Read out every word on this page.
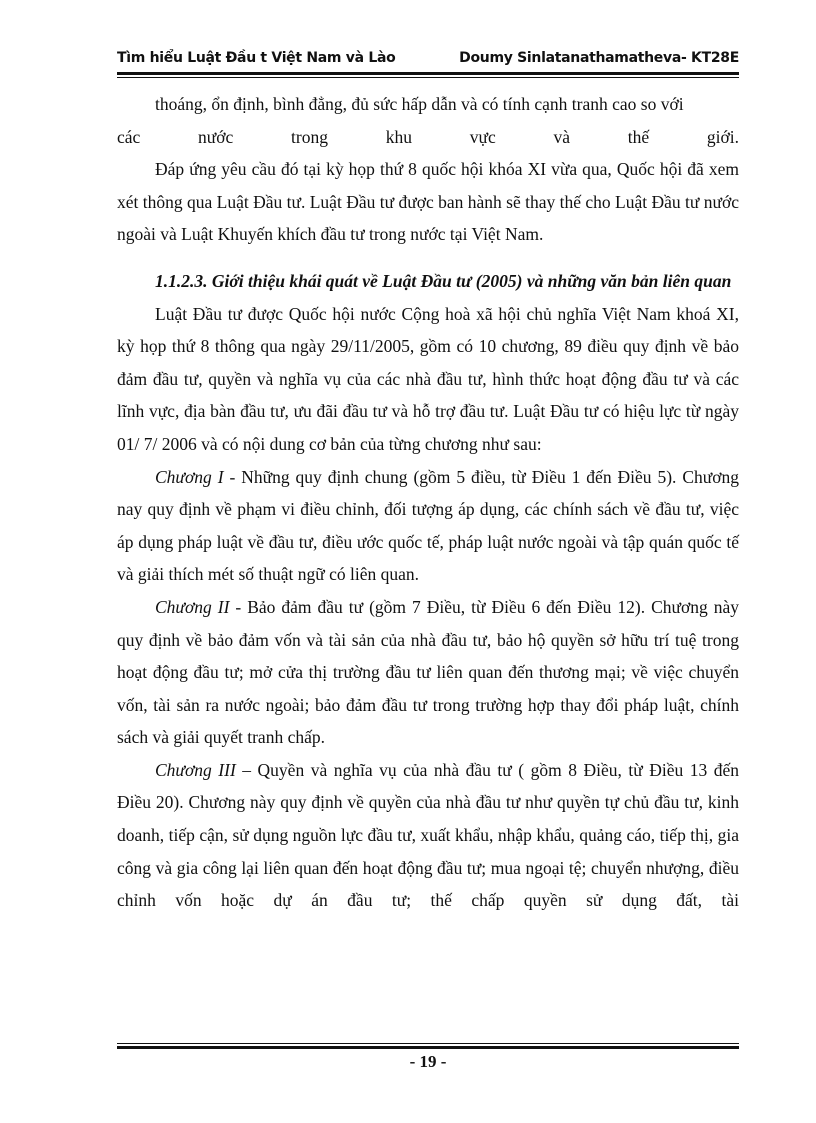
Tìm hiểu Luật Đầu t Việt Nam và Lào	Doumy Sinlatanathamatheva- KT28E

thoáng, ổn định, bình đẳng, đủ sức hấp dẫn và có tính cạnh tranh cao so với

các nước trong khu vực và thế giới.

Đáp ứng yêu cầu đó tại kỳ họp thứ 8 quốc hội khóa XI vừa qua, Quốc hội đã xem xét thông qua Luật Đầu tư. Luật Đầu tư được ban hành sẽ thay thế cho Luật Đầu tư nước ngoài và Luật Khuyến khích đầu tư trong nước tại Việt Nam.

1.1.2.3. Giới thiệu khái quát về Luật Đầu tư (2005) và những văn bản liên quan

Luật Đầu tư được Quốc hội nước Cộng hoà xã hội chủ nghĩa Việt Nam khoá XI, kỳ họp thứ 8 thông qua ngày 29/11/2005, gồm có 10 chương, 89 điều quy định về bảo đảm đầu tư, quyền và nghĩa vụ của các nhà đầu tư, hình thức hoạt động đầu tư và các lĩnh vực, địa bàn đầu tư, ưu đãi đầu tư và hỗ trợ đầu tư. Luật Đầu tư có hiệu lực từ ngày 01/ 7/ 2006 và có nội dung cơ bản của từng chương như sau:

Chương I - Những quy định chung (gồm 5 điều, từ Điều 1 đến Điều 5). Chương nay quy định về phạm vi điều chỉnh, đối tượng áp dụng, các chính sách về đầu tư, việc áp dụng pháp luật về đầu tư, điều ước quốc tế, pháp luật nước ngoài và tập quán quốc tế và giải thích mét số thuật ngữ có liên quan.

Chương II - Bảo đảm đầu tư (gồm 7 Điều, từ Điều 6 đến Điều 12). Chương này quy định về bảo đảm vốn và tài sản của nhà đầu tư, bảo hộ quyền sở hữu trí tuệ trong hoạt động đầu tư; mở cửa thị trường đầu tư liên quan đến thương mại; về việc chuyển vốn, tài sản ra nước ngoài; bảo đảm đầu tư trong trường hợp thay đổi pháp luật, chính sách và giải quyết tranh chấp.

Chương III – Quyền và nghĩa vụ của nhà đầu tư ( gồm 8 Điều, từ Điều 13 đến Điều 20). Chương này quy định về quyền của nhà đầu tư như quyền tự chủ đầu tư, kinh doanh, tiếp cận, sử dụng nguồn lực đầu tư, xuất khẩu, nhập khẩu, quảng cáo, tiếp thị, gia công và gia công lại liên quan đến hoạt động đầu tư; mua ngoại tệ; chuyển nhượng, điều chỉnh vốn hoặc dự án đầu tư; thế chấp quyền sử dụng đất, tài

- 19 -
